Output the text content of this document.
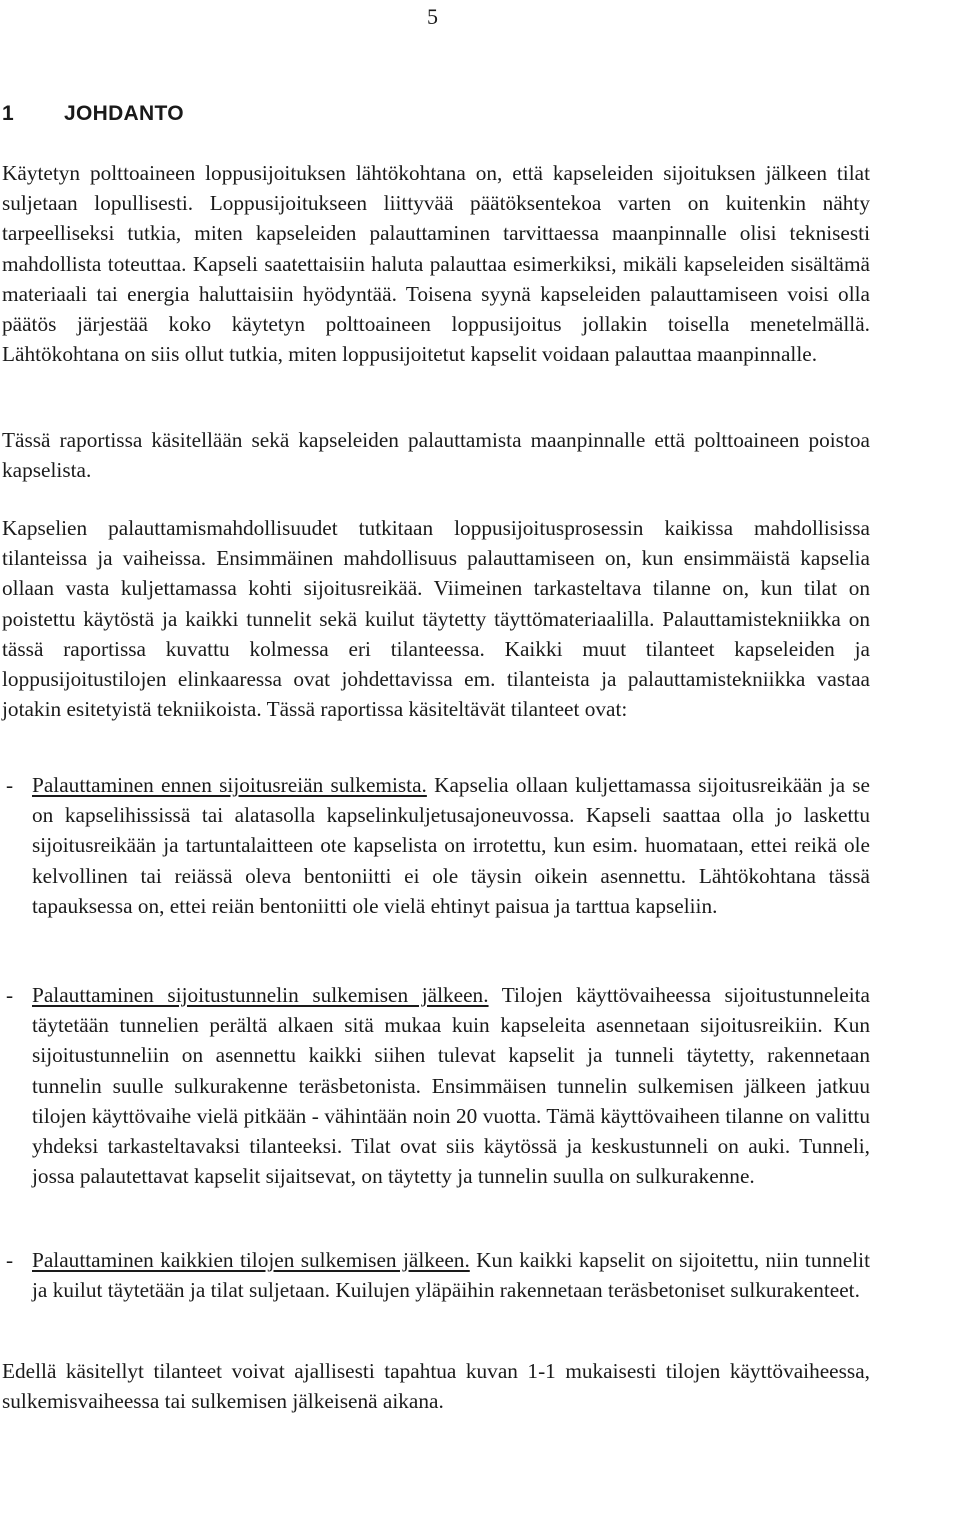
5
1 JOHDANTO

Käytetyn polttoaineen loppusijoituksen lähtökohtana on, että kapseleiden sijoituksen jälkeen tilat suljetaan lopullisesti. Loppusijoitukseen liittyvää päätöksentekoa varten on kuitenkin nähty tarpeelliseksi tutkia, miten kapseleiden palauttaminen tarvittaessa maanpinnalle olisi teknisesti mahdollista toteuttaa. Kapseli saatettaisiin haluta palauttaa esimerkiksi, mikäli kapseleiden sisältämä materiaali tai energia haluttaisiin hyödyntää. Toisena syynä kapseleiden palauttamiseen voisi olla päätös järjestää koko käytetyn polttoaineen loppusijoitus jollakin toisella menetelmällä. Lähtökohtana on siis ollut tutkia, miten loppusijoitetut kapselit voidaan palauttaa maanpinnalle.

Tässä raportissa käsitellään sekä kapseleiden palauttamista maanpinnalle että polttoaineen poistoa kapselista.

Kapselien palauttamismahdollisuudet tutkitaan loppusijoitusprosessin kaikissa mahdollisissa tilanteissa ja vaiheissa. Ensimmäinen mahdollisuus palauttamiseen on, kun ensimmäistä kapselia ollaan vasta kuljettamassa kohti sijoitusreikää. Viimeinen tarkasteltava tilanne on, kun tilat on poistettu käytöstä ja kaikki tunnelit sekä kuilut täytetty täyttömateriaalilla. Palauttamistekniikka on tässä raportissa kuvattu kolmessa eri tilanteessa. Kaikki muut tilanteet kapseleiden ja loppusijoitustilojen elinkaaressa ovat johdettavissa em. tilanteista ja palauttamistekniikka vastaa jotakin esitetyistä tekniikoista. Tässä raportissa käsiteltävät tilanteet ovat:

- Palauttaminen ennen sijoitusreiän sulkemista. Kapselia ollaan kuljettamassa sijoitusreikään ja se on kapselihississä tai alatasolla kapselinkuljetusajoneuvossa. Kapseli saattaa olla jo laskettu sijoitusreikään ja tartuntalaitteen ote kapselista on irrotettu, kun esim. huomataan, ettei reikä ole kelvollinen tai reiässä oleva bentoniitti ei ole täysin oikein asennettu. Lähtökohtana tässä tapauksessa on, ettei reiän bentoniitti ole vielä ehtinyt paisua ja tarttua kapseliin.
- Palauttaminen sijoitustunnelin sulkemisen jälkeen. Tilojen käyttövaiheessa sijoitustunneleita täytetään tunnelien perältä alkaen sitä mukaa kuin kapseleita asennetaan sijoitusreikiin. Kun sijoitustunneliin on asennettu kaikki siihen tulevat kapselit ja tunneli täytetty, rakennetaan tunnelin suulle sulkurakenne teräsbetonista. Ensimmäisen tunnelin sulkemisen jälkeen jatkuu tilojen käyttövaihe vielä pitkään - vähintään noin 20 vuotta. Tämä käyttövaiheen tilanne on valittu yhdeksi tarkasteltavaksi tilanteeksi. Tilat ovat siis käytössä ja keskustunneli on auki. Tunneli, jossa palautettavat kapselit sijaitsevat, on täytetty ja tunnelin suulla on sulkurakenne.
- Palauttaminen kaikkien tilojen sulkemisen jälkeen. Kun kaikki kapselit on sijoitettu, niin tunnelit ja kuilut täytetään ja tilat suljetaan. Kuilujen yläpäihin rakennetaan teräsbetoniset sulkurakenteet.

Edellä käsitellyt tilanteet voivat ajallisesti tapahtua kuvan 1-1 mukaisesti tilojen käyttövaiheessa, sulkemisvaiheessa tai sulkemisen jälkeisenä aikana.
